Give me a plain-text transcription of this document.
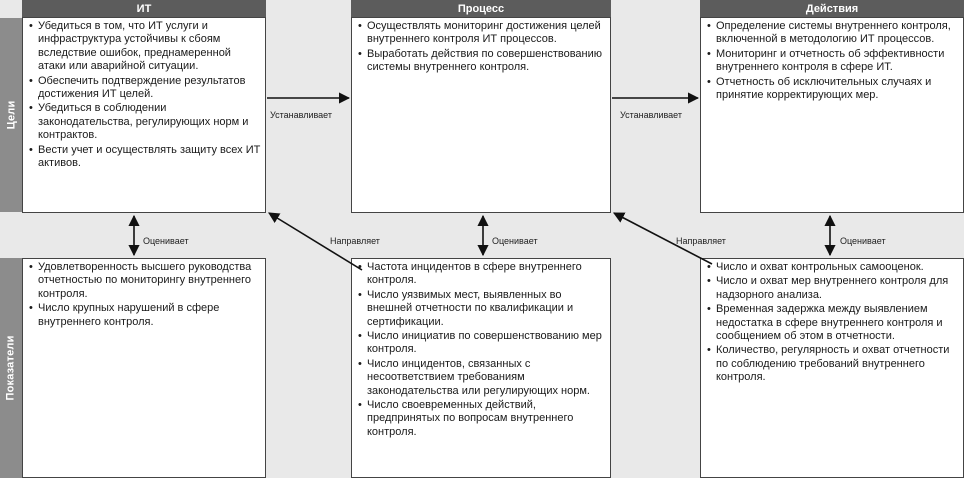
Цели
Показатели
ИТ	Процесс	Действия
• Убедиться в том, что ИТ услуги и инфраструктура устойчивы к сбоям вследствие ошибок, преднамеренной атаки или аварийной ситуации.
• Обеспечить подтверждение результатов достижения ИТ целей.
• Убедиться в соблюдении законодательства, регулирующих норм и контрактов.
• Вести учет и осуществлять защиту всех ИТ активов.
• Осуществлять мониторинг достижения целей внутреннего контроля ИТ процессов.
• Выработать действия по совершенствованию системы внутреннего контроля.
• Определение системы внутреннего контроля, включенной в методологию ИТ процессов.
• Мониторинг и отчетность об эффективности внутреннего контроля в сфере ИТ.
• Отчетность об исключительных случаях и принятие корректирующих мер.
• Удовлетворенность высшего руководства отчетностью по мониторингу внутреннего контроля.
• Число крупных нарушений в сфере внутреннего контроля.
• Частота инцидентов в сфере внутреннего контроля.
• Число уязвимых мест, выявленных во внешней отчетности по квалификации и сертификации.
• Число инициатив по совершенствованию мер контроля.
• Число инцидентов, связанных с несоответствием требованиям законодательства или регулирующих норм.
• Число своевременных действий, предпринятых по вопросам внутреннего контроля.
• Число и охват контрольных самооценок.
• Число и охват мер внутреннего контроля для надзорного анализа.
• Временная задержка между выявлением недостатка в сфере внутреннего контроля и сообщением об этом в отчетности.
• Количество, регулярность и охват отчетности по соблюдению требований внутреннего контроля.
Устанавливает	Устанавливает
Оценивает	Оценивает	Оценивает
Направляет	Направляет
